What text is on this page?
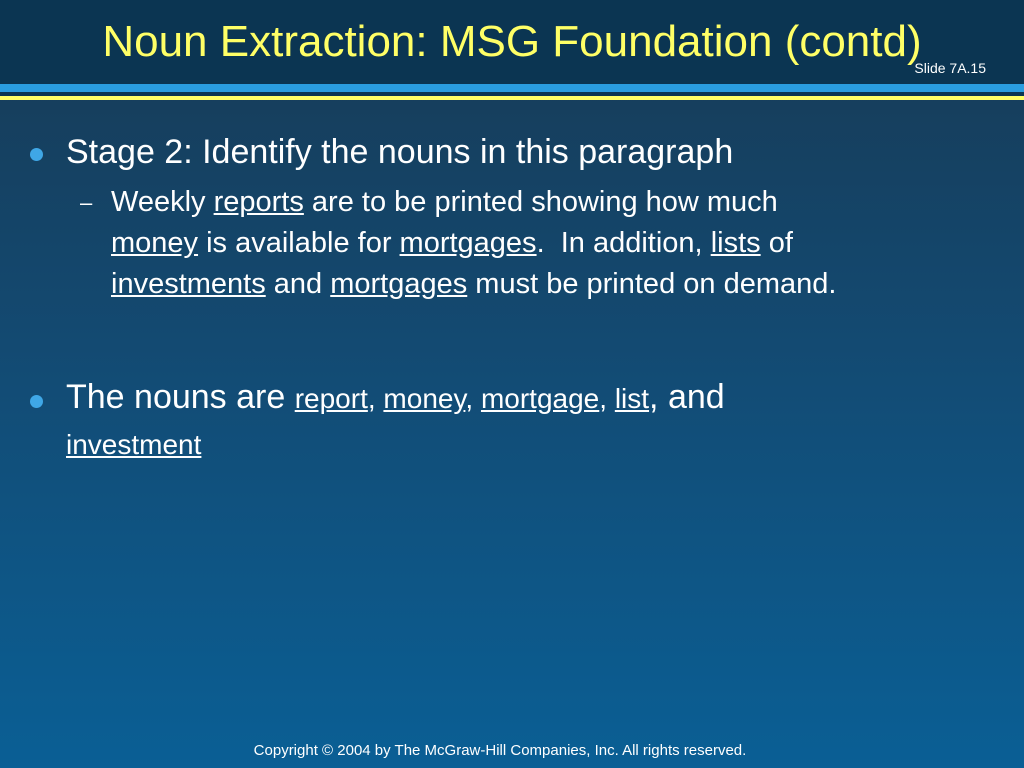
Noun Extraction: MSG Foundation (contd)
Slide 7A.15
Stage 2: Identify the nouns in this paragraph
– Weekly reports are to be printed showing how much
money is available for mortgages.  In addition, lists of
investments and mortgages must be printed on demand.
The nouns are report, money, mortgage, list, and
investment
Copyright © 2004 by The McGraw-Hill Companies, Inc. All rights reserved.
